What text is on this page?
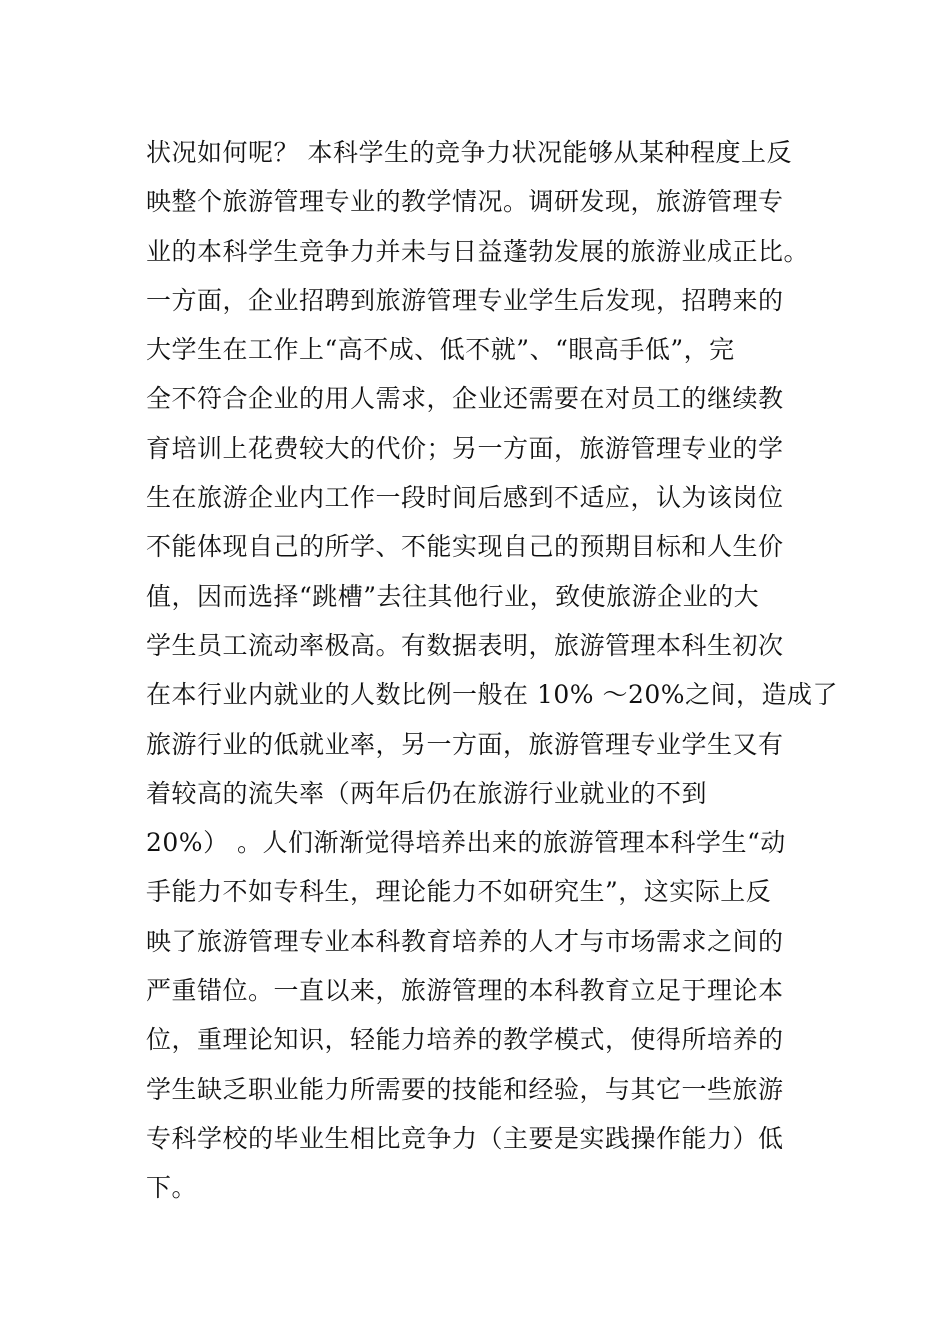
状况如何呢？ 本科学生的竞争力状况能够从某种程度上反
映整个旅游管理专业的教学情况。调研发现，旅游管理专
业的本科学生竞争力并未与日益蓬勃发展的旅游业成正比。
一方面，企业招聘到旅游管理专业学生后发现，招聘来的
大学生在工作上“高不成、低不就”、“眼高手低”，完
全不符合企业的用人需求，企业还需要在对员工的继续教
育培训上花费较大的代价；另一方面，旅游管理专业的学
生在旅游企业内工作一段时间后感到不适应，认为该岗位
不能体现自己的所学、不能实现自己的预期目标和人生价
值，因而选择“跳槽”去往其他行业，致使旅游企业的大
学生员工流动率极高。有数据表明，旅游管理本科生初次
在本行业内就业的人数比例一般在 10% ～20%之间，造成了
旅游行业的低就业率，另一方面，旅游管理专业学生又有
着较高的流失率（两年后仍在旅游行业就业的不到
20%） 。人们渐渐觉得培养出来的旅游管理本科学生“动
手能力不如专科生，理论能力不如研究生”，这实际上反
映了旅游管理专业本科教育培养的人才与市场需求之间的
严重错位。一直以来，旅游管理的本科教育立足于理论本
位，重理论知识，轻能力培养的教学模式，使得所培养的
学生缺乏职业能力所需要的技能和经验，与其它一些旅游
专科学校的毕业生相比竞争力（主要是实践操作能力）低
下。
